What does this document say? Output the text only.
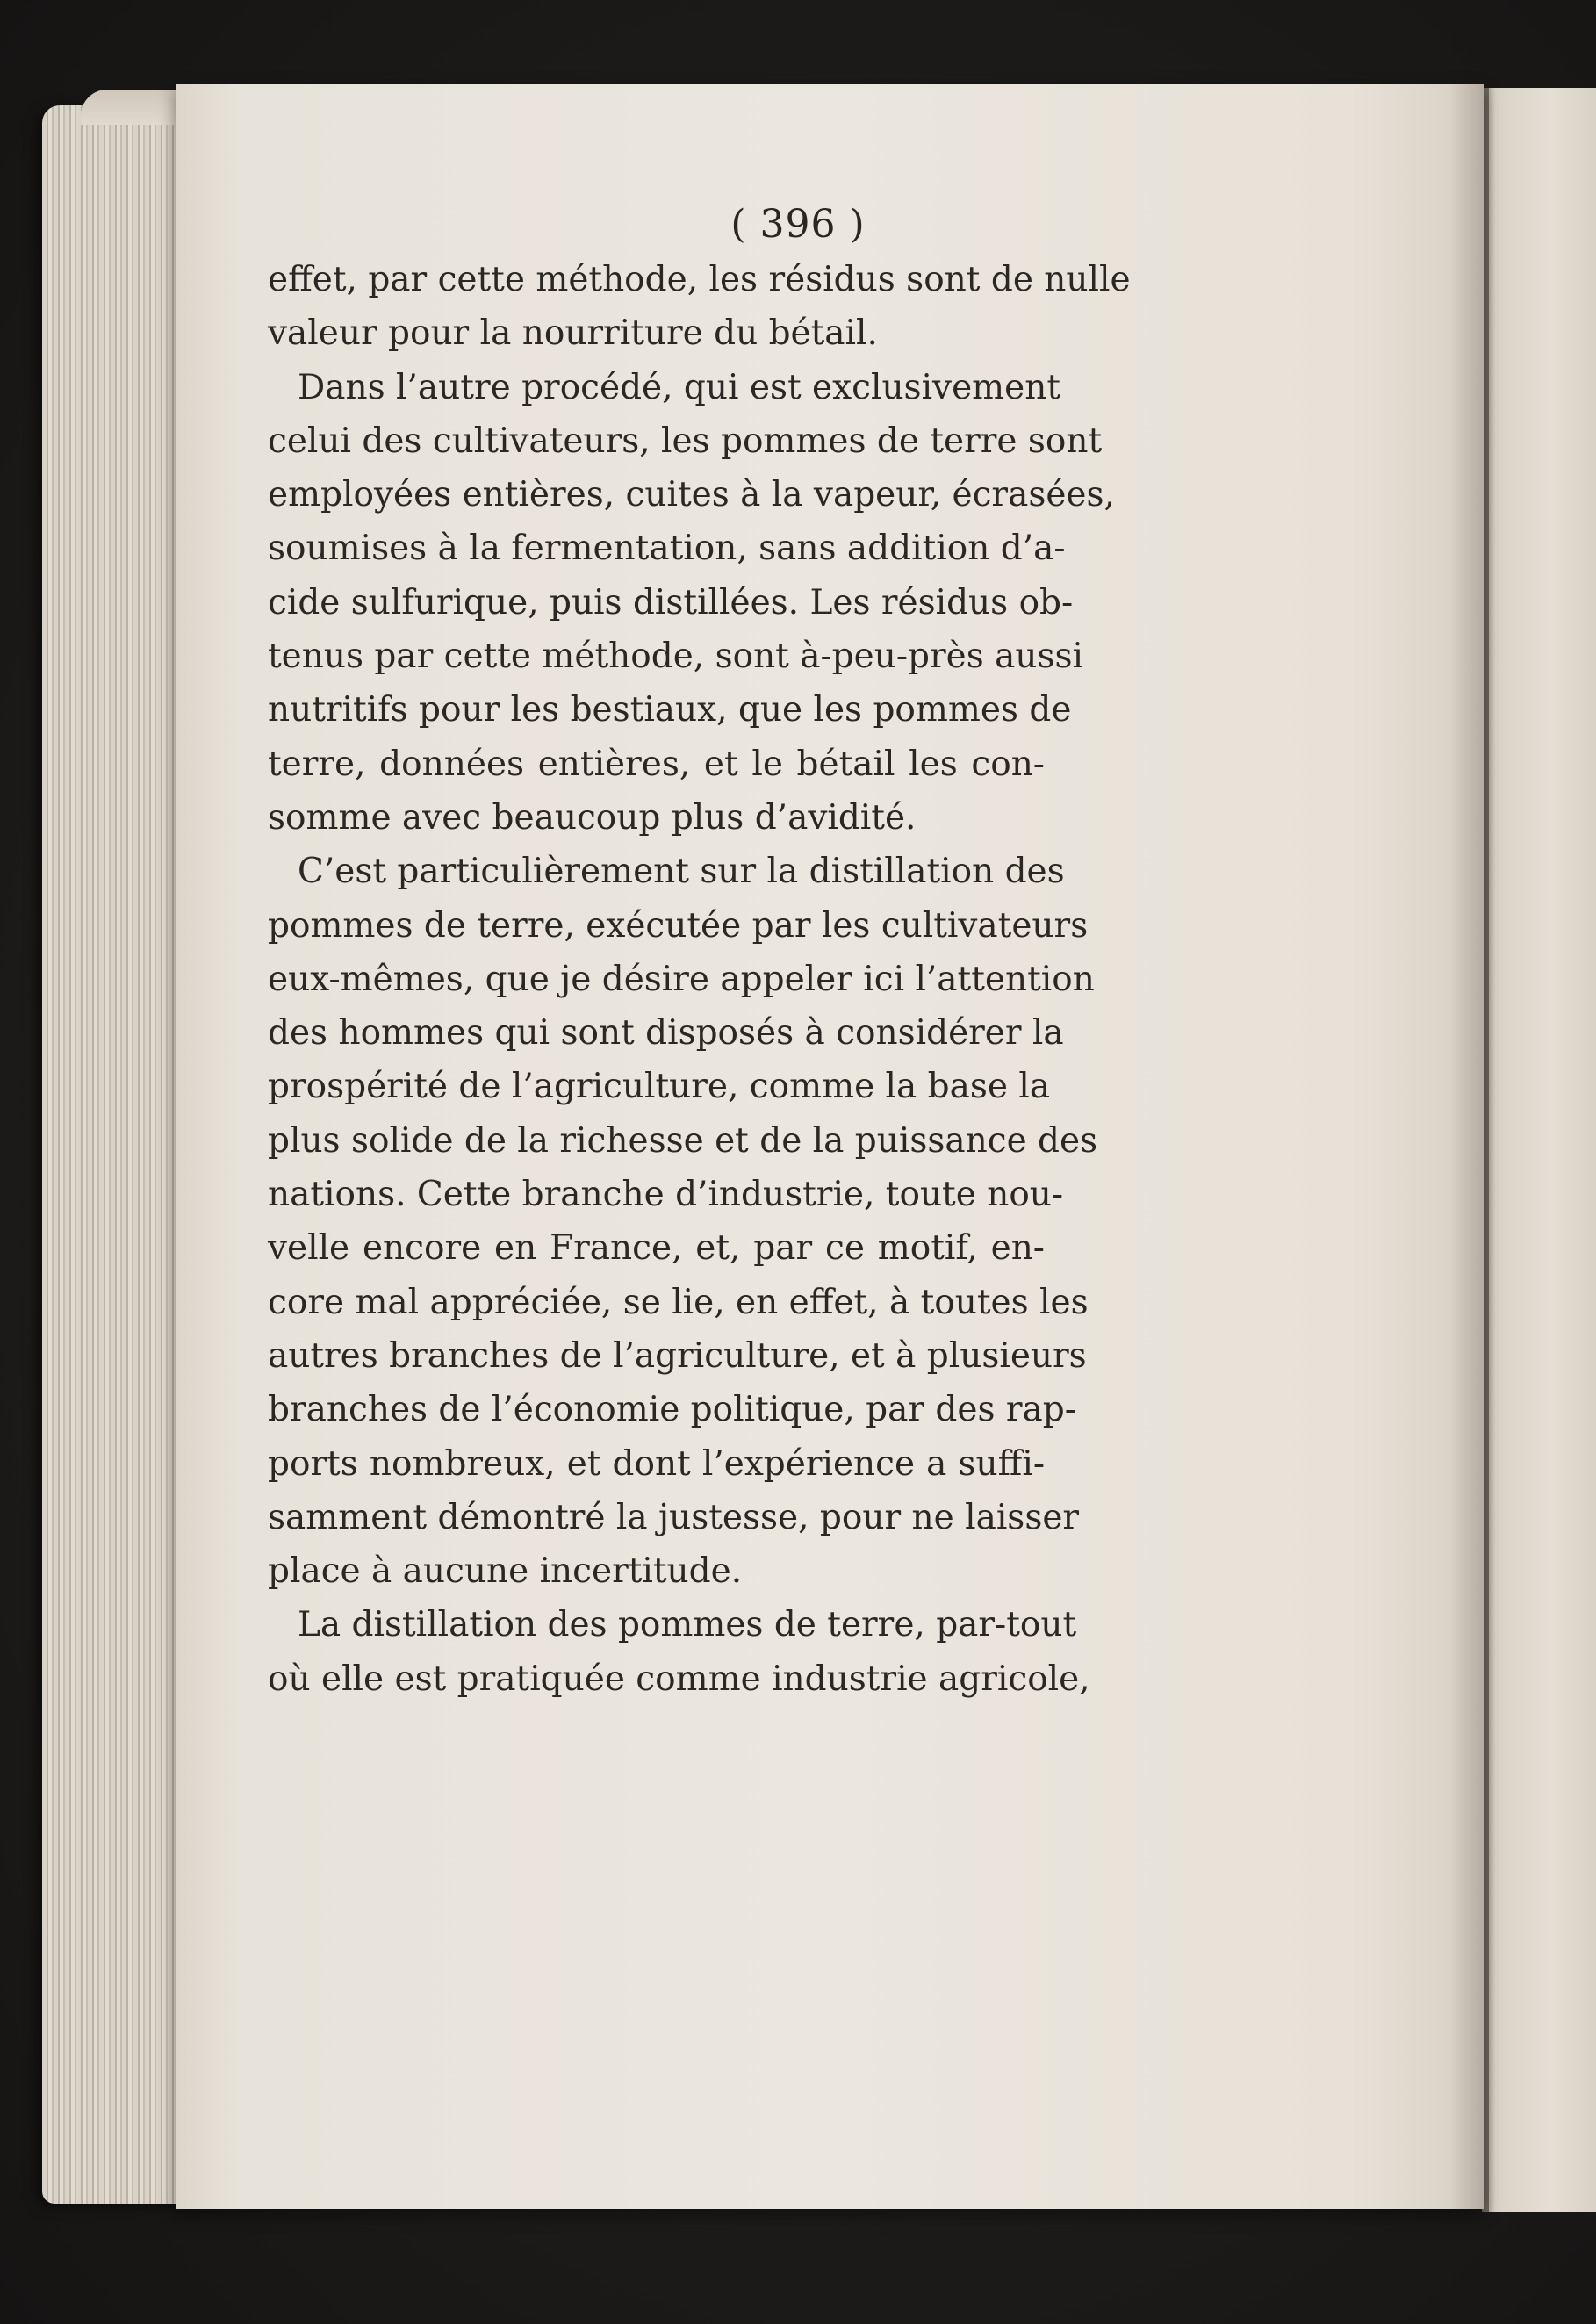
( 396 )
effet, par cette méthode, les résidus sont de nulle
valeur pour la nourriture du bétail.
Dans l’autre procédé, qui est exclusivement
celui des cultivateurs, les pommes de terre sont
employées entières, cuites à la vapeur, écrasées,
soumises à la fermentation, sans addition d’a-
cide sulfurique, puis distillées. Les résidus ob-
tenus par cette méthode, sont à-peu-près aussi
nutritifs pour les bestiaux, que les pommes de
terre, données entières, et le bétail les con-
somme avec beaucoup plus d’avidité.
C’est particulièrement sur la distillation des
pommes de terre, exécutée par les cultivateurs
eux-mêmes, que je désire appeler ici l’attention
des hommes qui sont disposés à considérer la
prospérité de l’agriculture, comme la base la
plus solide de la richesse et de la puissance des
nations. Cette branche d’industrie, toute nou-
velle encore en France, et, par ce motif, en-
core mal appréciée, se lie, en effet, à toutes les
autres branches de l’agriculture, et à plusieurs
branches de l’économie politique, par des rap-
ports nombreux, et dont l’expérience a suffi-
samment démontré la justesse, pour ne laisser
place à aucune incertitude.
La distillation des pommes de terre, par-tout
où elle est pratiquée comme industrie agricole,
